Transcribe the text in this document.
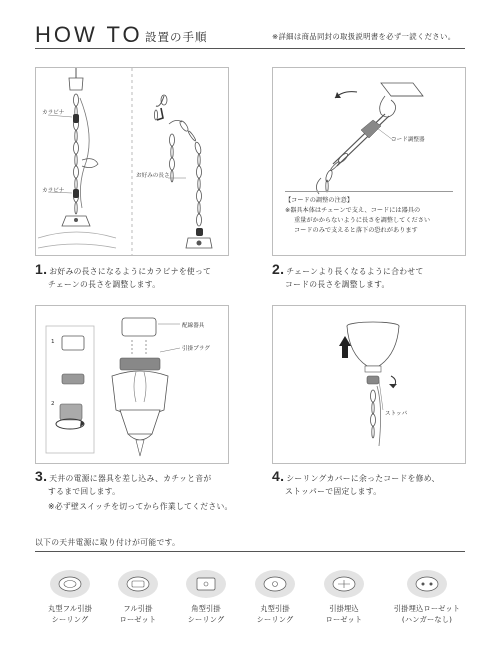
HOW TO 設置の手順	※詳細は商品同封の取扱説明書を必ず一読ください。
カラビナ
カラビナ
お好みの長さ
コード調整器
【コードの調整の注意】
※器具本体はチェーンで支え、コードには器具の
重量がかからないように長さを調整してください
コードのみで支えると落下の恐れがあります
1. お好みの長さになるようにカラビナを使って
チェーンの長さを調整します。
2. チェーンより長くなるように合わせて
コードの長さを調整します。
1
2
配線器具
引掛プラグ
ストッパ
3. 天井の電源に器具を差し込み、カチッと音が
するまで回します。
※必ず壁スイッチを切ってから作業してください。
4. シーリングカバーに余ったコードを修め、
ストッパーで固定します。
以下の天井電源に取り付けが可能です。
丸型フル引掛
シーリング
フル引掛
ローゼット
角型引掛
シーリング
丸型引掛
シーリング
引掛埋込
ローゼット
引掛埋込ローゼット
(ハンガーなし)
